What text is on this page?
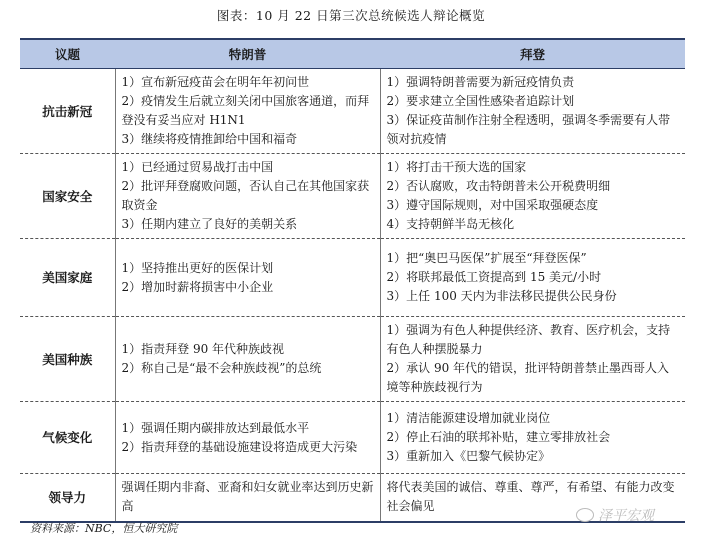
图表：10 月 22 日第三次总统候选人辩论概览
议题	特朗普	拜登
抗击新冠	1）宣布新冠疫苗会在明年年初问世
2）疫情发生后就立刻关闭中国旅客通道，而拜登没有妥当应对 H1N1
3）继续将疫情推卸给中国和福奇	1）强调特朗普需要为新冠疫情负责
2）要求建立全国性感染者追踪计划
3）保证疫苗制作注射全程透明，强调冬季需要有人带领对抗疫情

国家安全	1）已经通过贸易战打击中国
2）批评拜登腐败问题，否认自己在其他国家获取资金
3）任期内建立了良好的美朝关系	1）将打击干预大选的国家
2）否认腐败，攻击特朗普未公开税费明细
3）遵守国际规则，对中国采取强硬态度
4）支持朝鲜半岛无核化

美国家庭	1）坚持推出更好的医保计划
2）增加时薪将损害中小企业	1）把“奥巴马医保”扩展至“拜登医保”
2）将联邦最低工资提高到 15 美元/小时
3）上任 100 天内为非法移民提供公民身份

美国种族	1）指责拜登 90 年代种族歧视
2）称自己是“最不会种族歧视”的总统	1）强调为有色人种提供经济、教育、医疗机会，支持有色人种摆脱暴力
2）承认 90 年代的错误，批评特朗普禁止墨西哥人入境等种族歧视行为

气候变化	1）强调任期内碳排放达到最低水平
2）指责拜登的基础设施建设将造成更大污染	1）清洁能源建设增加就业岗位
2）停止石油的联邦补贴，建立零排放社会
3）重新加入《巴黎气候协定》

领导力	强调任期内非裔、亚裔和妇女就业率达到历史新高	将代表美国的诚信、尊重、尊严，有希望、有能力改变社会偏见
资料来源：NBC，恒大研究院
泽平宏观
